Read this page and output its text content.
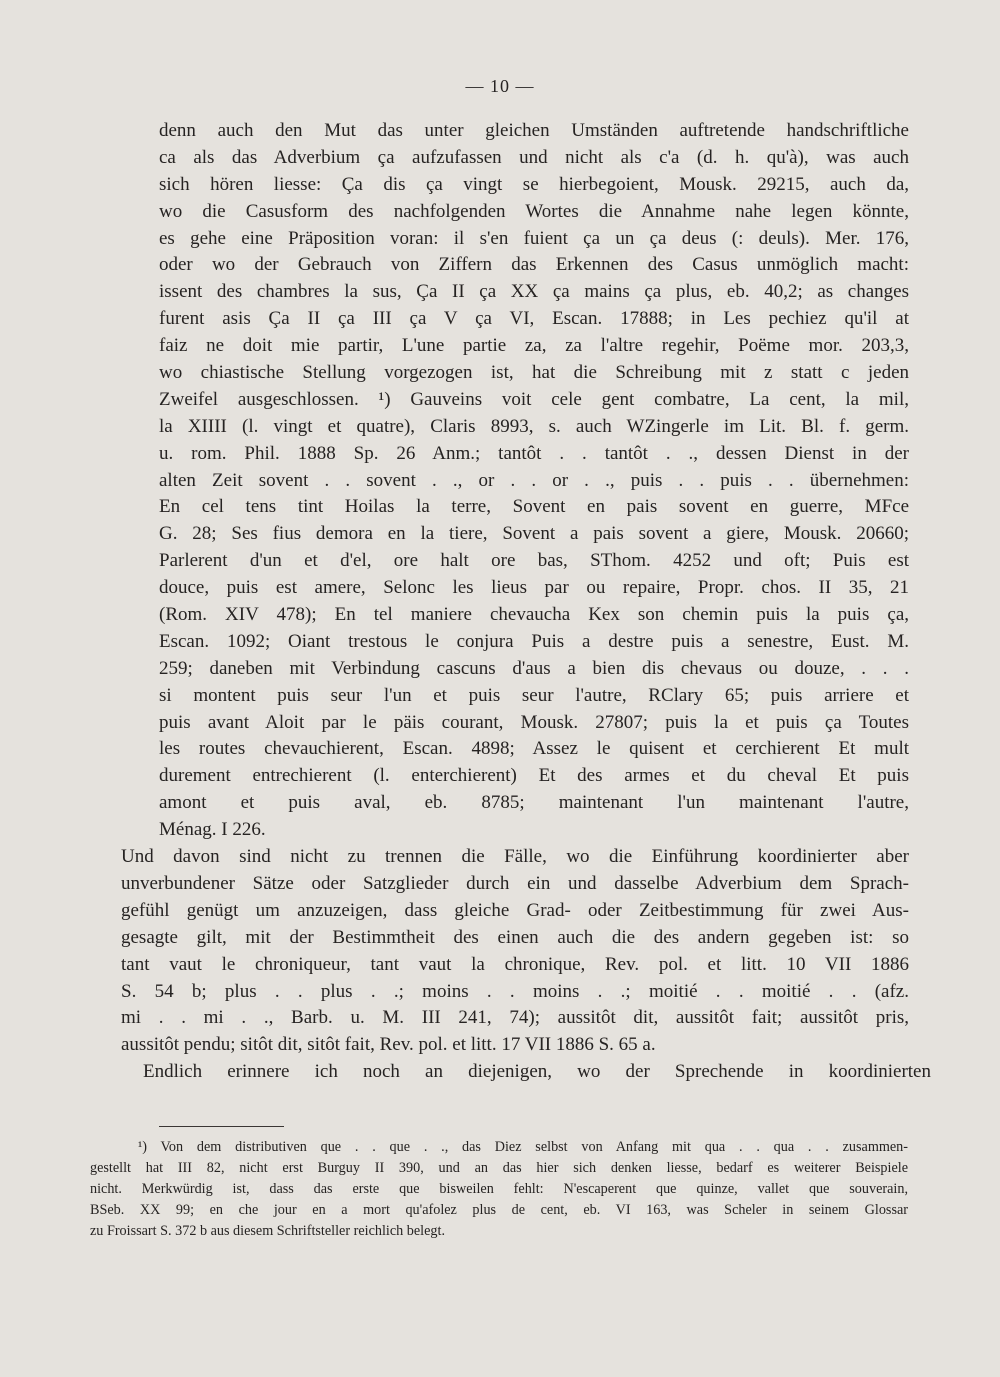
— 10 —
denn auch den Mut das unter gleichen Umständen auftretende handschriftliche
ca als das Adverbium ça aufzufassen und nicht als c'a (d. h. qu'à), was auch
sich hören liesse: Ça dis ça vingt se hierbegoient, Mousk. 29215, auch da,
wo die Casusform des nachfolgenden Wortes die Annahme nahe legen könnte,
es gehe eine Präposition voran: il s'en fuient ça un ça deus (: deuls). Mer. 176,
oder wo der Gebrauch von Ziffern das Erkennen des Casus unmöglich macht:
issent des chambres la sus, Ça II ça XX ça mains ça plus, eb. 40,2; as changes
furent asis Ça II ça III ça V ça VI, Escan. 17888; in Les pechiez qu'il at
faiz ne doit mie partir, L'une partie za, za l'altre regehir, Poëme mor. 203,3,
wo chiastische Stellung vorgezogen ist, hat die Schreibung mit z statt c jeden
Zweifel ausgeschlossen. ¹) Gauveins voit cele gent combatre, La cent, la mil,
la XIIII (l. vingt et quatre), Claris 8993, s. auch WZingerle im Lit. Bl. f. germ.
u. rom. Phil. 1888 Sp. 26 Anm.; tantôt . . tantôt . ., dessen Dienst in der
alten Zeit sovent . . sovent . ., or . . or . ., puis . . puis . . übernehmen:
En cel tens tint Hoilas la terre, Sovent en pais sovent en guerre, MFce
G. 28; Ses fius demora en la tiere, Sovent a pais sovent a giere, Mousk. 20660;
Parlerent d'un et d'el, ore halt ore bas, SThom. 4252 und oft; Puis est
douce, puis est amere, Selonc les lieus par ou repaire, Propr. chos. II 35, 21
(Rom. XIV 478); En tel maniere chevaucha Kex son chemin puis la puis ça,
Escan. 1092; Oiant trestous le conjura Puis a destre puis a senestre, Eust. M.
259; daneben mit Verbindung cascuns d'aus a bien dis chevaus ou douze, . . .
si montent puis seur l'un et puis seur l'autre, RClary 65; puis arriere et
puis avant Aloit par le päis courant, Mousk. 27807; puis la et puis ça Toutes
les routes chevauchierent, Escan. 4898; Assez le quisent et cerchierent Et mult
durement entrechierent (l. enterchierent) Et des armes et du cheval Et puis
amont et puis aval, eb. 8785; maintenant l'un maintenant l'autre,
Ménag. I 226.
Und davon sind nicht zu trennen die Fälle, wo die Einführung koordinierter aber
unverbundener Sätze oder Satzglieder durch ein und dasselbe Adverbium dem Sprach-
gefühl genügt um anzuzeigen, dass gleiche Grad- oder Zeitbestimmung für zwei Aus-
gesagte gilt, mit der Bestimmtheit des einen auch die des andern gegeben ist: so
tant vaut le chroniqueur, tant vaut la chronique, Rev. pol. et litt. 10 VII 1886
S. 54 b; plus . . plus . .; moins . . moins . .; moitié . . moitié . . (afz.
mi . . mi . ., Barb. u. M. III 241, 74); aussitôt dit, aussitôt fait; aussitôt pris,
aussitôt pendu; sitôt dit, sitôt fait, Rev. pol. et litt. 17 VII 1886 S. 65 a.
Endlich erinnere ich noch an diejenigen, wo der Sprechende in koordinierten
¹) Von dem distributiven que . . que . ., das Diez selbst von Anfang mit qua . . qua . . zusammen-
gestellt hat III 82, nicht erst Burguy II 390, und an das hier sich denken liesse, bedarf es weiterer Beispiele
nicht. Merkwürdig ist, dass das erste que bisweilen fehlt: N'escaperent que quinze, vallet que souverain,
BSeb. XX 99; en che jour en a mort qu'afolez plus de cent, eb. VI 163, was Scheler in seinem Glossar
zu Froissart S. 372 b aus diesem Schriftsteller reichlich belegt.
